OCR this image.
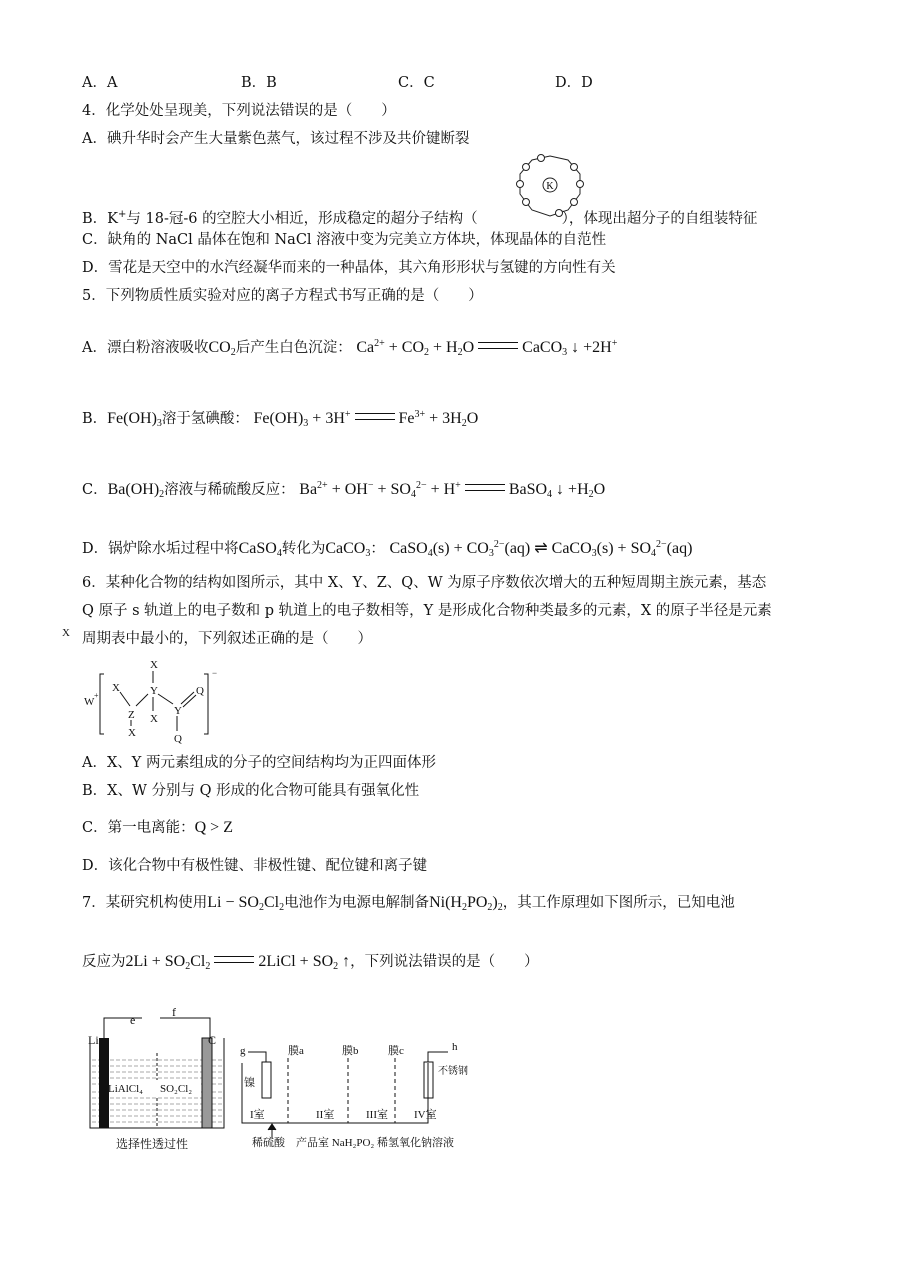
A．A	B．B	C．C	D．D
4．化学处处呈现美，下列说法错误的是（　　）
A．碘升华时会产生大量紫色蒸气，该过程不涉及共价键断裂
K
B．K+与 18-冠-6 的空腔大小相近，形成稳定的超分子结构（	），体现出超分子的自组装特征
C．缺角的 NaCl 晶体在饱和 NaCl 溶液中变为完美立方体块，体现晶体的自范性
D．雪花是天空中的水汽经凝华而来的一种晶体，其六角形形状与氢键的方向性有关
5．下列物质性质实验对应的离子方程式书写正确的是（　　）
A．漂白粉溶液吸收$CO_2$后产生白色沉淀： $Ca^{2+} + CO_2 + H_2O$	CaCO$_3$ ↓ +2H+
B．$Fe(OH)_3$溶于氢碘酸： $Fe(OH)_3 + 3H^+$	$Fe^{3+} + 3H_2O$
C．$Ba(OH)_2$溶液与稀硫酸反应： $Ba^{2+} + OH^- + SO_4^{2-} + H^+$	BaSO$_4$ ↓ $+H_2O$
D．锅炉除水垢过程中将CaSO$_4$转化为CaCO$_3$： CaSO$_4$(s) + $CO_3^{2-}(aq)$ ⇌ CaCO$_3$(s) + $SO_4^{2-}(aq)$
6．某种化合物的结构如图所示，其中 X、Y、Z、Q、W 为原子序数依次增大的五种短周期主族元素，基态
Q 原子 s 轨道上的电子数和 p 轨道上的电子数相等，Y 是形成化合物种类最多的元素，X 的原子半径是元素
周期表中最小的，下列叙述正确的是（　　）
W
+
X
Y
X
X
Z
X
Y
Q
Q
X
−
A．X、Y 两元素组成的分子的空间结构均为正四面体形
B．X、W 分别与 Q 形成的化合物可能具有强氧化性
C．第一电离能：Q > Z
D．该化合物中有极性键、非极性键、配位键和离子键
7．某研究机构使用$Li - SO_2Cl_2$电池作为电源电解制备$Ni(H_2PO_2)_2$，其工作原理如下图所示，已知电池
反应为$2Li + SO_2Cl_2$	2LiCl + $SO_2$ ↑，下列说法错误的是（　　）
Li	C
e
f
LiAlCl₄ SO₂Cl₂
选择性透过性
g	h
镍
膜a	膜b	膜c
不锈钢
I室	II室	III室 IV室
稀硫酸　产品室 NaH₂PO₂ 稀氢氧化钠溶液
